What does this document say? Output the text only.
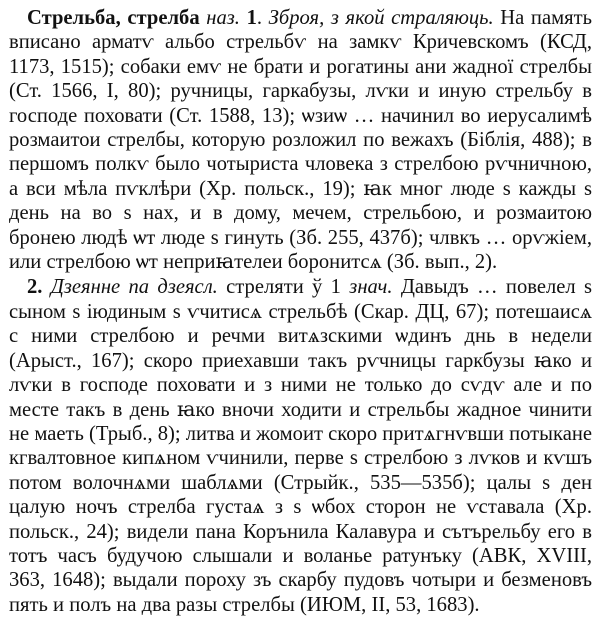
Стрельба, стрелба наз. 1. Зброя, з якой страляюць. На память вписано арматѵ альбо стрельбѵ на замкѵ Кричевскомъ (КСД, 1173, 1515); собаки емѵ не брати и рогатины ани жадної стрелбы (Ст. 1566, I, 80); ручницы, гаркабузы, лѵки и иную стрельбу в господе поховати (Ст. 1588, 13); ѡзиѡ … начинил во иерусалимѣ розмаитои стрелбы, которую розложил по вежахъ (Біблія, 488); в першомъ полкѵ было чотыриста чловека з стрелбою рѵчничною, а вси мѣла пѵклѣри (Хр. польск., 19); ꙗк мног люде s кажды s день на во s нах, и в дому, мечем, стрельбою, и розмаитою бронею людѣ ѡт люде s гинуть (Зб. 255, 437б); члвкъ … орѵжіем, или стрелбою ѡт неприꙗтелеи боронитсѧ (Зб. вып., 2).

2. Дзеянне па дзеясл. стреляти ў 1 знач. Давыдъ … повелел s сыном s іюдиным s ѵчитисѧ стрельбѣ (Скар. ДЦ, 67); потешаисѧ с ними стрелбою и речми витѧзскими ѡдинъ днь в недели (Арыст., 167); скоро приехавши такъ рѵчницы гаркбузы ꙗко и лѵки в господе поховати и з ними не только до сѵдѵ але и по месте такъ в день ꙗко вночи ходити и стрельбы жадное чинити не маеть (Трыб., 8); литва и жомоит скоро притѧгнѵвши потыкане кгвалтовное кипѧном ѵчинили, перве s стрелбою з лѵков и кѵшъ потом волочнѧми шаблѧми (Стрыйк., 535—535б); цалы s ден цалую ночъ стрелба густаѧ з s ѡбох сторон не ѵставала (Хр. польск., 24); видели пана Корънила Калавура и сътърельбу его в тотъ часъ будучою слышали и воланье ратунъку (АВК, XVIII, 363, 1648); выдали пороху зъ скарбу пудовъ чотыри и безменовъ пять и полъ на два разы стрелбы (ИЮМ, II, 53, 1683).
